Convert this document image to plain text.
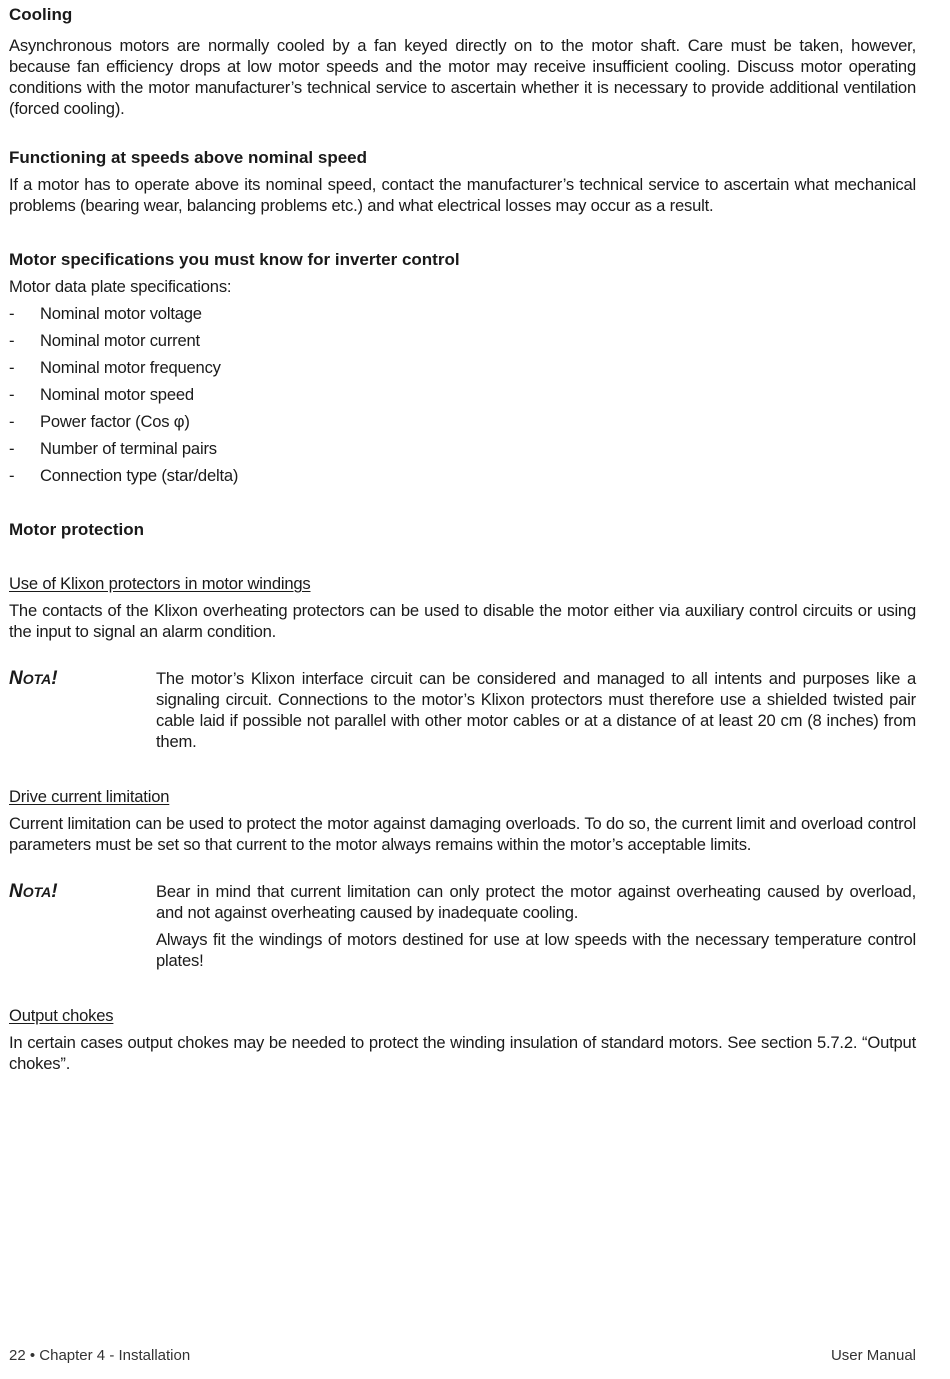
Cooling

Asynchronous motors are normally cooled by a fan keyed directly on to the motor shaft. Care must be taken, however, because fan efficiency drops at low motor speeds and the motor may receive insufficient cooling. Discuss motor operating conditions with the motor manufacturer’s technical service to ascertain whether it is necessary to provide additional ventilation (forced cooling).

Functioning at speeds above nominal speed

If a motor has to operate above its nominal speed, contact the manufacturer’s technical service to ascertain what mechanical problems (bearing wear, balancing problems etc.) and what electrical losses may occur as a result.

Motor specifications you must know for inverter control

Motor data plate specifications:

- Nominal motor voltage
- Nominal motor current
- Nominal motor frequency
- Nominal motor speed
- Power factor (Cos φ)
- Number of terminal pairs
- Connection type (star/delta)

Motor protection

Use of Klixon protectors in motor windings

The contacts of the Klixon overheating protectors can be used to disable the motor either via auxiliary control circuits or using the input to signal an alarm condition.

NOTA!	The motor’s Klixon interface circuit can be considered and managed to all intents and purposes like a signaling circuit. Connections to the motor’s Klixon protectors must therefore use a shielded twisted pair cable laid if possible not parallel with other motor cables or at a distance of at least 20 cm (8 inches) from them.

Drive current limitation

Current limitation can be used to protect the motor against damaging overloads. To do so, the current limit and overload control parameters must be set so that current to the motor always remains within the motor’s acceptable limits.

NOTA!	Bear in mind that current limitation can only protect the motor against overheating caused by overload, and not against overheating caused by inadequate cooling.

Always fit the windings of motors destined for use at low speeds with the necessary temperature control plates!

Output chokes

In certain cases output chokes may be needed to protect the winding insulation of standard motors. See section 5.7.2. “Output chokes”.

22 • Chapter 4 - Installation	User Manual
